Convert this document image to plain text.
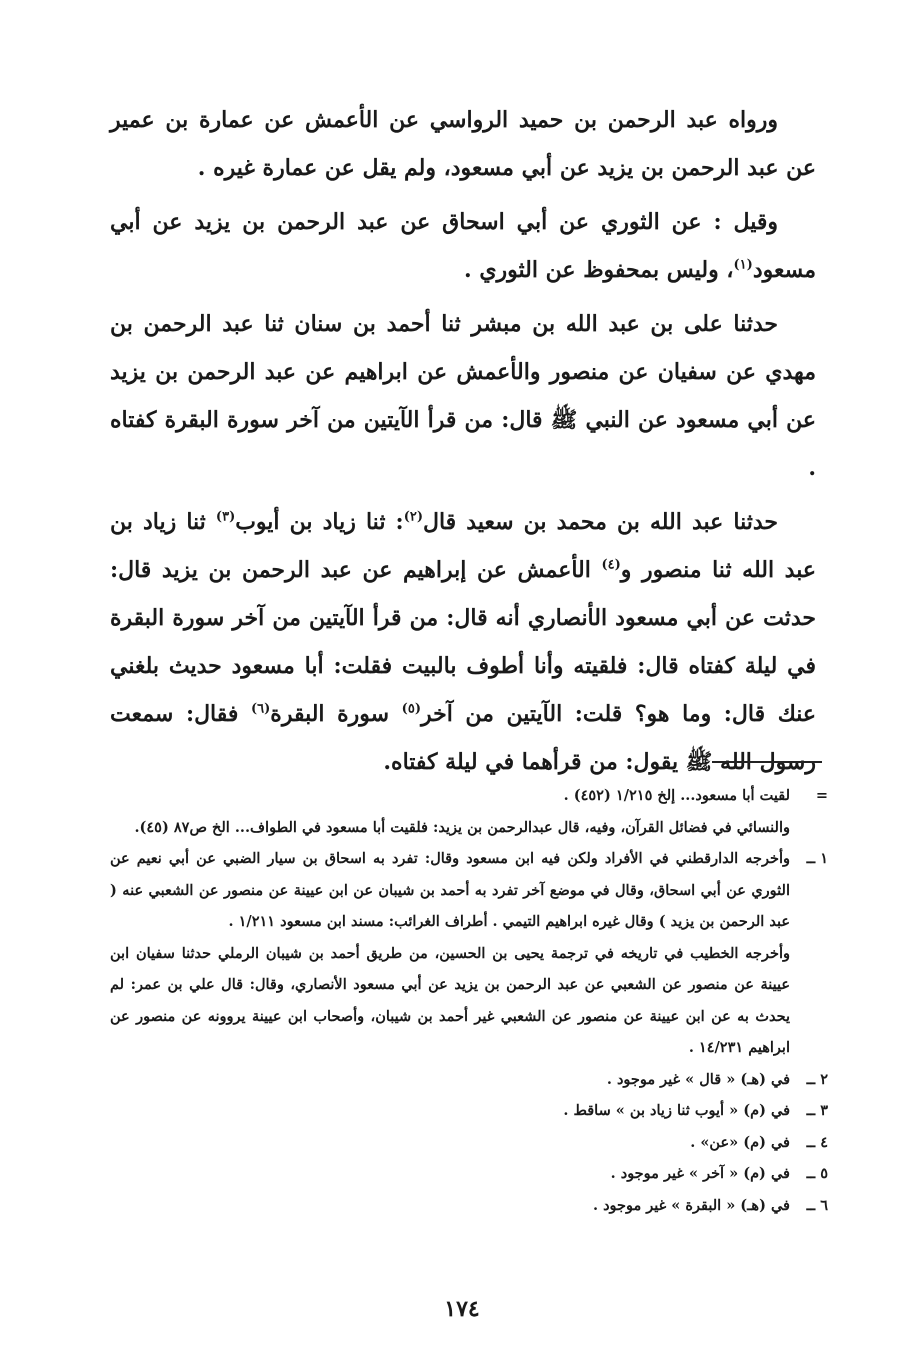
ورواه عبد الرحمن بن حميد الرواسي عن الأعمش عن عمارة بن عمير عن عبد الرحمن بن يزيد عن أبي مسعود، ولم يقل عن عمارة غيره .

وقيل : عن الثوري عن أبي اسحاق عن عبد الرحمن بن يزيد عن أبي مسعود$^{(١)}$، وليس بمحفوظ عن الثوري .

حدثنا على بن عبد الله بن مبشر ثنا أحمد بن سنان ثنا عبد الرحمن بن مهدي عن سفيان عن منصور والأعمش عن ابراهيم عن عبد الرحمن بن يزيد عن أبي مسعود عن النبي ﷺ قال: من قرأ الآيتين من آخر سورة البقرة كفتاه .

حدثنا عبد الله بن محمد بن سعيد قال$^{(٢)}$: ثنا زياد بن أيوب$^{(٣)}$ ثنا زياد بن عبد الله ثنا منصور و$^{(٤)}$ الأعمش عن إبراهيم عن عبد الرحمن بن يزيد قال: حدثت عن أبي مسعود الأنصاري أنه قال: من قرأ الآيتين من آخر سورة البقرة في ليلة كفتاه قال: فلقيته وأنا أطوف بالبيت فقلت: أبا مسعود حديث بلغني عنك قال: وما هو؟ قلت: الآيتين من آخر$^{(٥)}$ سورة البقرة$^{(٦)}$ فقال: سمعت رسول الله ﷺ يقول: من قرأهما في ليلة كفتاه.

=
لقيت أبا مسعود... إلخ ١/٢١٥ (٤٥٢) .
والنسائي في فضائل القرآن، وفيه، قال عبدالرحمن بن يزيد: فلقيت أبا مسعود في الطواف... الخ ص٨٧ (٤٥).
١ ــ
وأخرجه الدارقطني في الأفراد ولكن فيه ابن مسعود وقال: تفرد به اسحاق بن سيار الضبي عن أبي نعيم عن الثوري عن أبي اسحاق، وقال في موضع آخر تفرد به أحمد بن شيبان عن ابن عيينة عن منصور عن الشعبي عنه ( عبد الرحمن بن يزيد ) وقال غيره ابراهيم التيمي . أطراف الغرائب: مسند ابن مسعود ١/٢١١ .
وأخرجه الخطيب في تاريخه في ترجمة يحيى بن الحسين، من طريق أحمد بن شيبان الرملي حدثنا سفيان ابن عيينة عن منصور عن الشعبي عن عبد الرحمن بن يزيد عن أبي مسعود الأنصاري، وقال: قال علي بن عمر: لم يحدث به عن ابن عيينة عن منصور عن الشعبي غير أحمد بن شيبان، وأصحاب ابن عيينة يروونه عن منصور عن ابراهيم ١٤/٢٣١ .
٢ ــ
في (هـ) « قال » غير موجود .
٣ ــ
في (م) « أيوب ثنا زياد بن » ساقط .
٤ ــ
في (م) «عن» .
٥ ــ
في (م) « آخر » غير موجود .
٦ ــ
في (هـ) « البقرة » غير موجود .
١٧٤
